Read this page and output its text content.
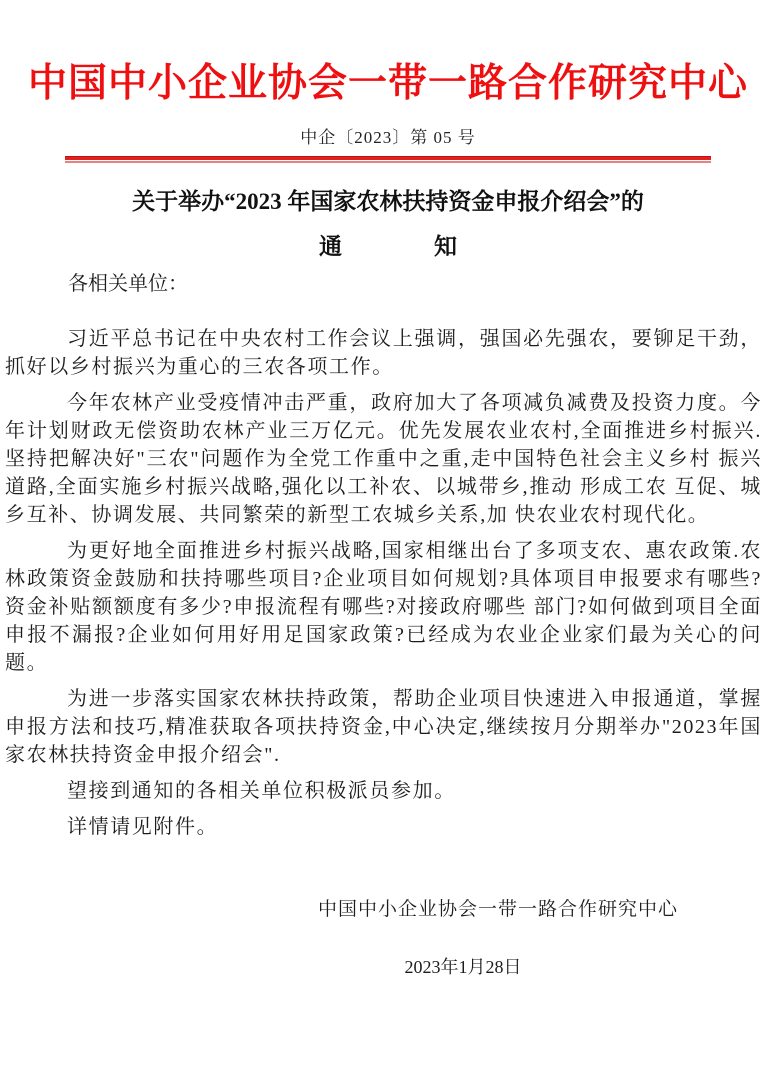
中国中小企业协会一带一路合作研究中心
中企〔2023〕第 05 号
关于举办“2023 年国家农林扶持资金申报介绍会”的
通　　　　知
各相关单位：

习近平总书记在中央农村工作会议上强调，强国必先强农，要铆足干劲，抓好以乡村振兴为重心的三农各项工作。

今年农林产业受疫情冲击严重，政府加大了各项减负减费及投资力度。今年计划财政无偿资助农林产业三万亿元。优先发展农业农村,全面推进乡村振兴. 坚持把解决好"三农"问题作为全党工作重中之重,走中国特色社会主义乡村 振兴道路,全面实施乡村振兴战略,强化以工补农、以城带乡,推动 形成工农 互促、城乡互补、协调发展、共同繁荣的新型工农城乡关系,加 快农业农村现代化。

为更好地全面推进乡村振兴战略,国家相继出台了多项支农、惠农政策.农林政策资金鼓励和扶持哪些项目?企业项目如何规划?具体项目申报要求有哪些?资金补贴额额度有多少?申报流程有哪些?对接政府哪些 部门?如何做到项目全面申报不漏报?企业如何用好用足国家政策?已经成为农业企业家们最为关心的问题。

为进一步落实国家农林扶持政策，帮助企业项目快速进入申报通道，掌握申报方法和技巧,精准获取各项扶持资金,中心决定,继续按月分期举办"2023年国家农林扶持资金申报介绍会".

望接到通知的各相关单位积极派员参加。

详情请见附件。

中国中小企业协会一带一路合作研究中心
2023年1月28日
